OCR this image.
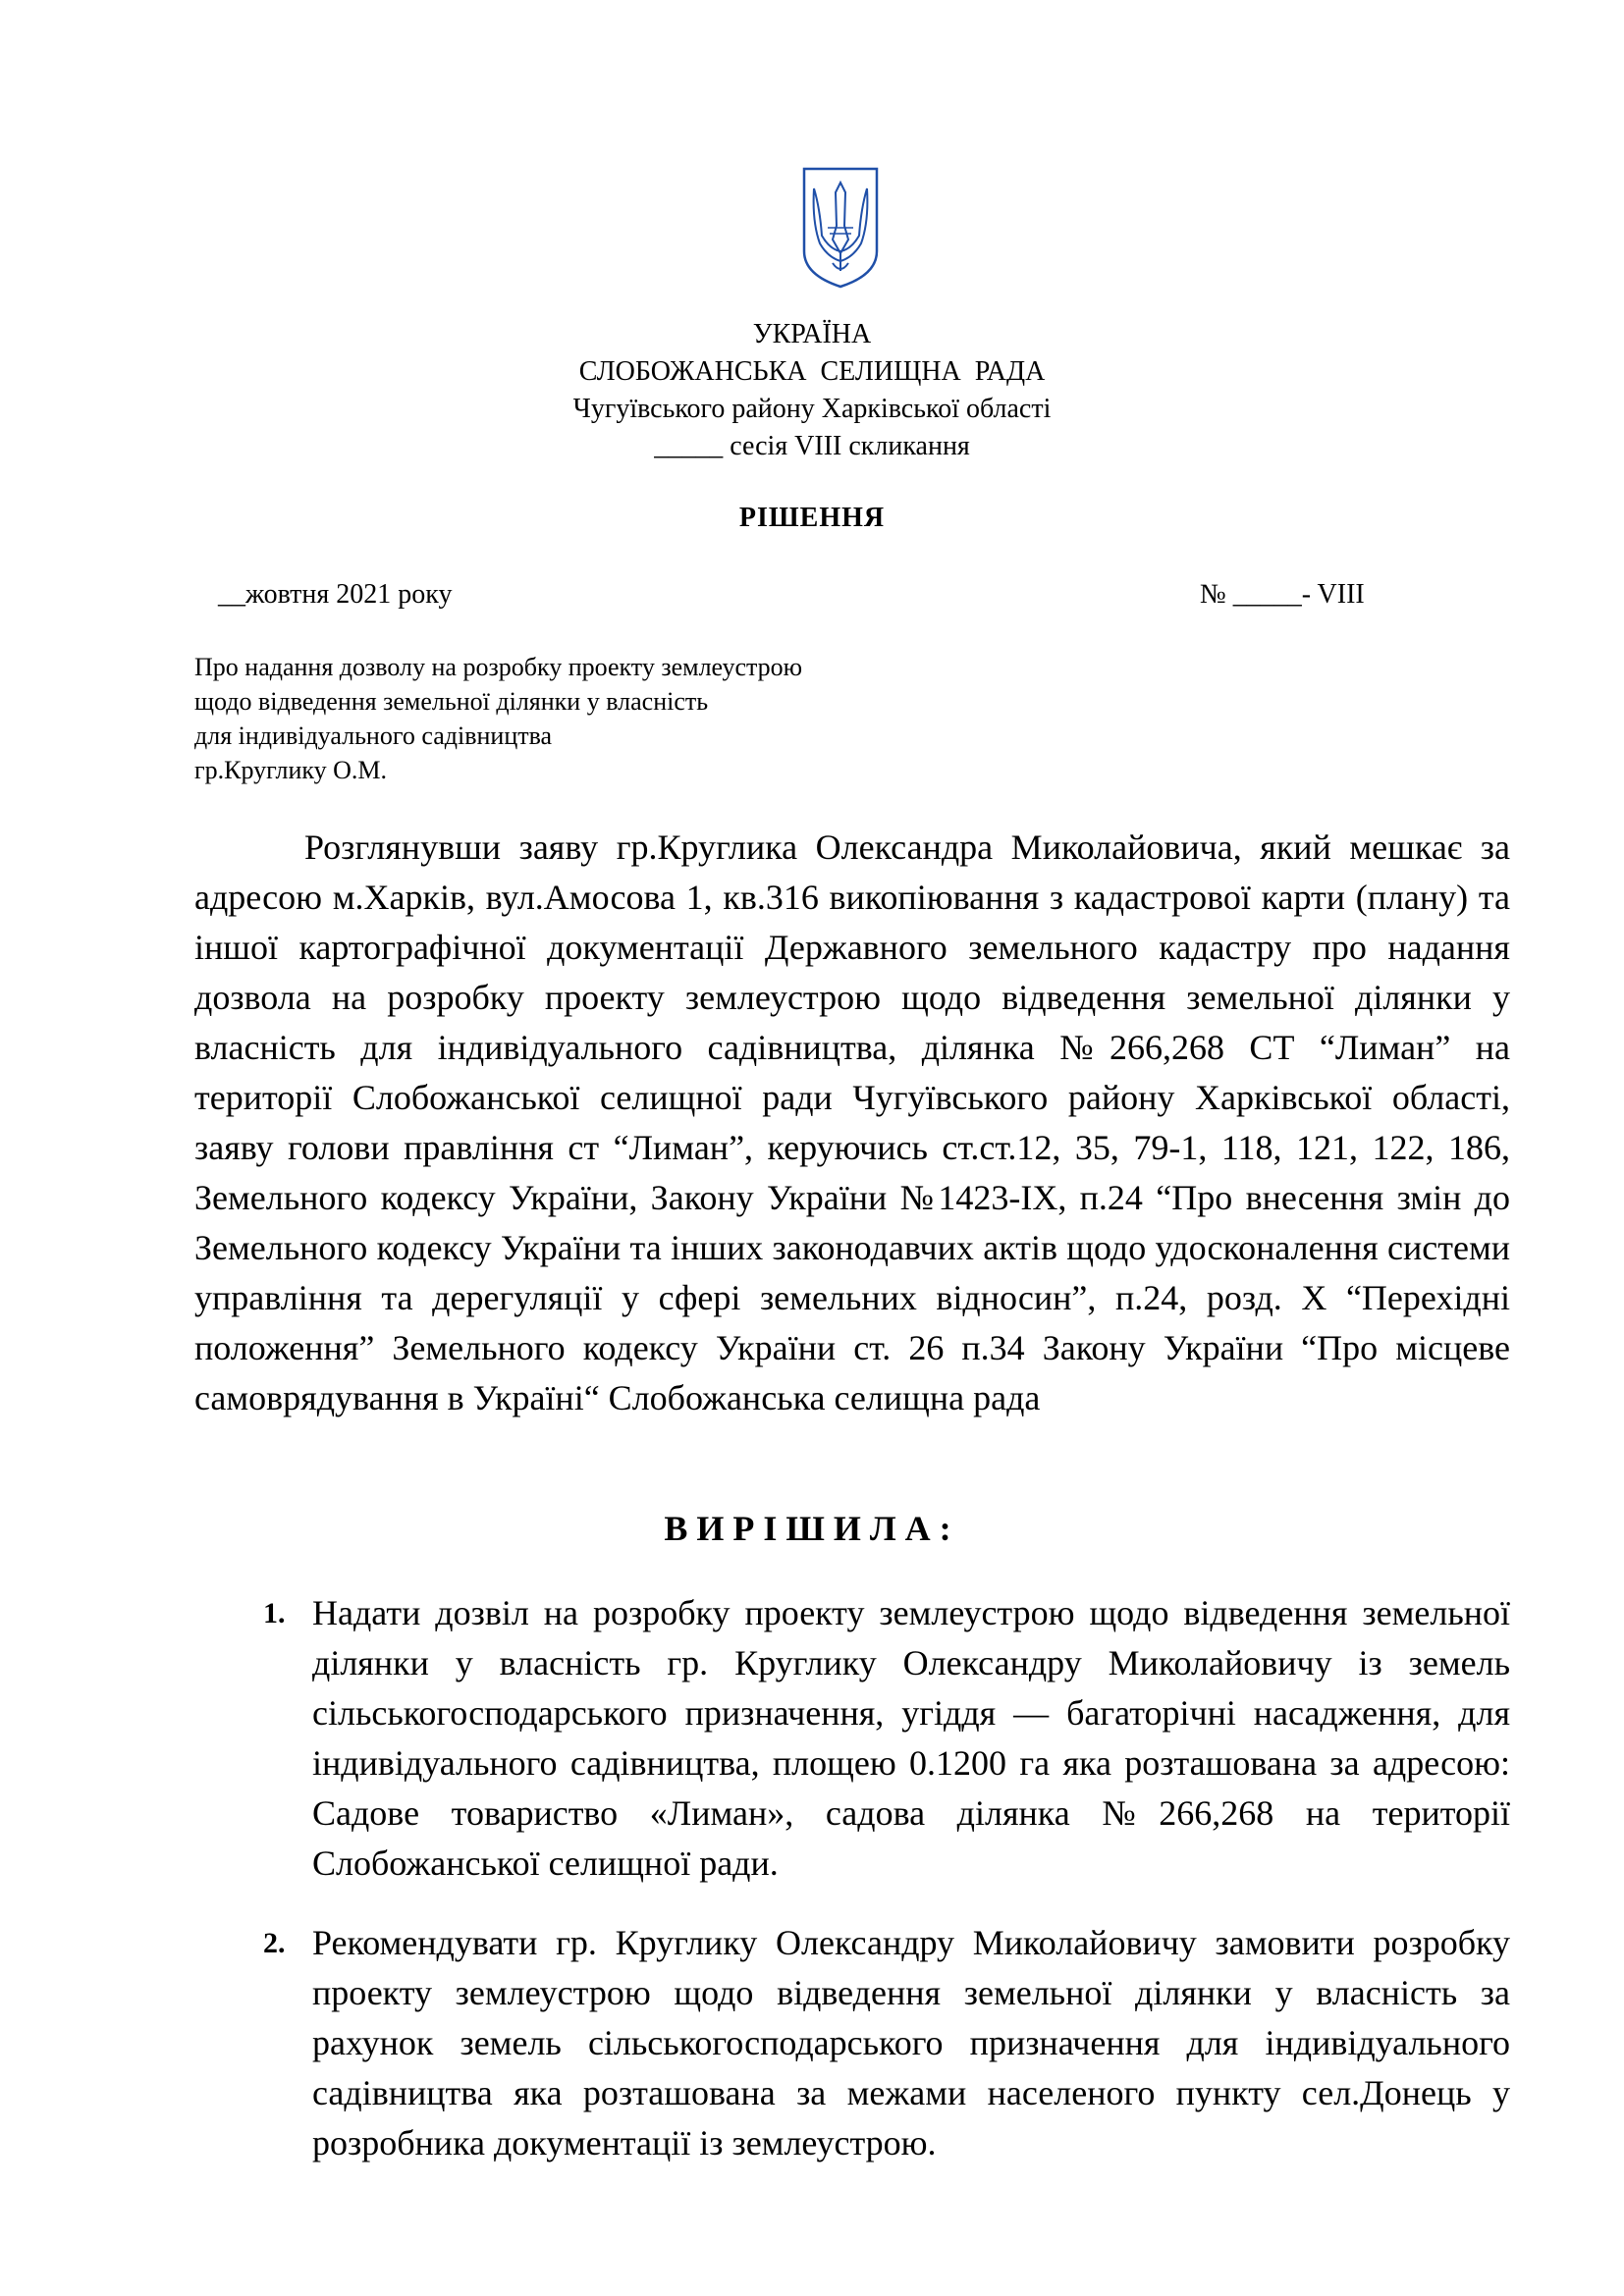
УКРАЇНА
СЛОБОЖАНСЬКА  СЕЛИЩНА  РАДА
Чугуївського району Харківської області
_____ сесія VIII скликання
РІШЕННЯ
__жовтня 2021 року	№ _____- VIII
Про надання дозволу на розробку проекту землеустрою
щодо відведення земельної ділянки у власність
для індивідуального садівництва
гр.Круглику О.М.

Розглянувши заяву гр.Круглика Олександра Миколайовича, який мешкає за адресою м.Харків, вул.Амосова 1, кв.316 викопіювання з кадастрової карти (плану) та іншої картографічної документації Державного земельного кадастру про надання дозвола на розробку проекту землеустрою щодо відведення земельної ділянки у власність для індивідуального садівництва, ділянка №266,268 СТ “Лиман” на території Слобожанської селищної ради Чугуївського району Харківської області, заяву голови правління ст “Лиман”, керуючись ст.ст.12, 35, 79-1, 118, 121, 122, 186, Земельного кодексу України, Закону України №1423-IX, п.24 “Про внесення змін до Земельного кодексу України та інших законодавчих актів щодо удосконалення системи управління та дерегуляції у сфері земельних відносин”, п.24, розд. Х “Перехідні положення” Земельного кодексу України ст. 26 п.34 Закону України “Про місцеве самоврядування в Україні“ Слобожанська селищна рада

ВИРІШИЛА:
1. Надати дозвіл на розробку проекту землеустрою щодо відведення земельної ділянки у власність гр. Круглику Олександру Миколайовичу із земель сільськогосподарського призначення, угіддя — багаторічні насадження, для індивідуального садівництва, площею 0.1200 га яка розташована за адресою: Садове товариство «Лиман», садова ділянка №266,268 на території Слобожанської селищної ради.
2. Рекомендувати гр. Круглику Олександру Миколайовичу замовити розробку проекту землеустрою щодо відведення земельної ділянки у власність за рахунок земель сільськогосподарського призначення для індивідуального садівництва яка розташована за межами населеного пункту сел.Донець у розробника документації із землеустрою.
